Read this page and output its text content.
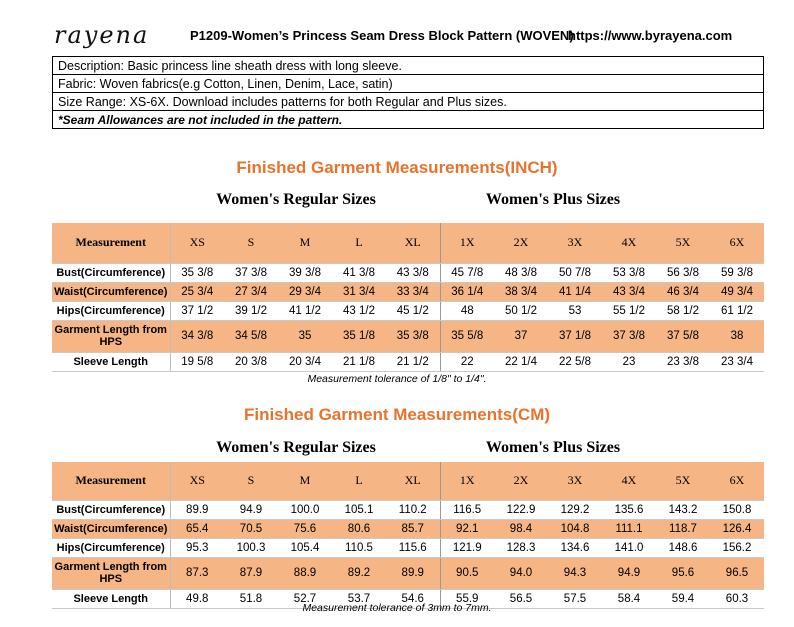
rayena	P1209-Women’s Princess Seam Dress Block Pattern (WOVEN)
https://www.byrayena.com
Description: Basic princess line sheath dress with long sleeve.
Fabric: Woven fabrics(e.g Cotton, Linen, Denim, Lace, satin)
Size Range: XS-6X. Download includes patterns for both Regular and Plus sizes.
*Seam Allowances are not included in the pattern.
Finished Garment Measurements(INCH)
Women's Regular Sizes	Women's Plus Sizes
Measurement	XS	S	M	L	XL	1X	2X	3X	4X	5X	6X
Bust(Circumference)	35 3/8	37 3/8	39 3/8	41 3/8	43 3/8	45 7/8	48 3/8	50 7/8	53 3/8	56 3/8	59 3/8
Waist(Circumference)	25 3/4	27 3/4	29 3/4	31 3/4	33 3/4	36 1/4	38 3/4	41 1/4	43 3/4	46 3/4	49 3/4
Hips(Circumference)	37 1/2	39 1/2	41 1/2	43 1/2	45 1/2	48	50 1/2	53	55 1/2	58 1/2	61 1/2
Garment Length from HPS	34 3/8	34 5/8	35	35 1/8	35 3/8	35 5/8	37	37 1/8	37 3/8	37 5/8	38
Sleeve Length	19 5/8	20 3/8	20 3/4	21 1/8	21 1/2	22	22 1/4	22 5/8	23	23 3/8	23 3/4
Measurement tolerance of 1/8" to 1/4".
Finished Garment Measurements(CM)
Women's Regular Sizes	Women's Plus Sizes
Measurement	XS	S	M	L	XL	1X	2X	3X	4X	5X	6X
Bust(Circumference)	89.9	94.9	100.0	105.1	110.2	116.5	122.9	129.2	135.6	143.2	150.8
Waist(Circumference)	65.4	70.5	75.6	80.6	85.7	92.1	98.4	104.8	111.1	118.7	126.4
Hips(Circumference)	95.3	100.3	105.4	110.5	115.6	121.9	128.3	134.6	141.0	148.6	156.2
Garment Length from HPS	87.3	87.9	88.9	89.2	89.9	90.5	94.0	94.3	94.9	95.6	96.5
Sleeve Length	49.8	51.8	52.7	53.7	54.6	55.9	56.5	57.5	58.4	59.4	60.3
Measurement tolerance of 3mm to 7mm.
